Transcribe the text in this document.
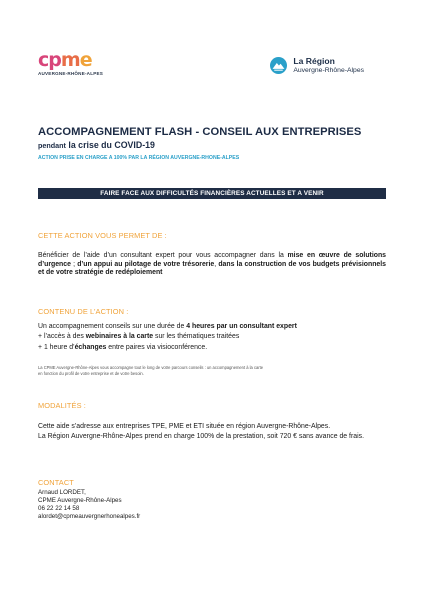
cpme
AUVERGNE-RHÔNE-ALPES
La Région
Auvergne-Rhône-Alpes
ACCOMPAGNEMENT FLASH - CONSEIL AUX ENTREPRISES
pendant la crise du COVID-19
ACTION PRISE EN CHARGE A 100% PAR LA RÉGION AUVERGNE-RHONE-ALPES
FAIRE FACE AUX DIFFICULTÉS FINANCIÈRES ACTUELLES ET A VENIR
CETTE ACTION VOUS PERMET DE :
Bénéficier de l’aide d’un consultant expert pour vous accompagner dans la mise en œuvre de solutions d’urgence ; d’un appui au pilotage de votre trésorerie, dans la construction de vos budgets prévisionnels et de votre stratégie de redéploiement
CONTENU DE L’ACTION :
Un accompagnement conseils sur une durée de 4 heures par un consultant expert
+ l’accès à des webinaires à la carte sur les thématiques traitées
+ 1 heure d’échanges entre paires via visioconférence.
La CPME Auvergne-Rhône-Alpes vous accompagne tout le long de votre parcours conseils : un accompagnement à la carte
en fonction du profil de votre entreprise et de votre besoin.
MODALITÉS :
Cette aide s’adresse aux entreprises TPE, PME et ETI située en région Auvergne-Rhône-Alpes.
La Région Auvergne-Rhône-Alpes prend en charge 100% de la prestation, soit 720 € sans avance de frais.
CONTACT
Arnaud LORDET,
CPME Auvergne-Rhône-Alpes
06 22 22 14 58
alordet@cpmeauvergnerhonealpes.fr
